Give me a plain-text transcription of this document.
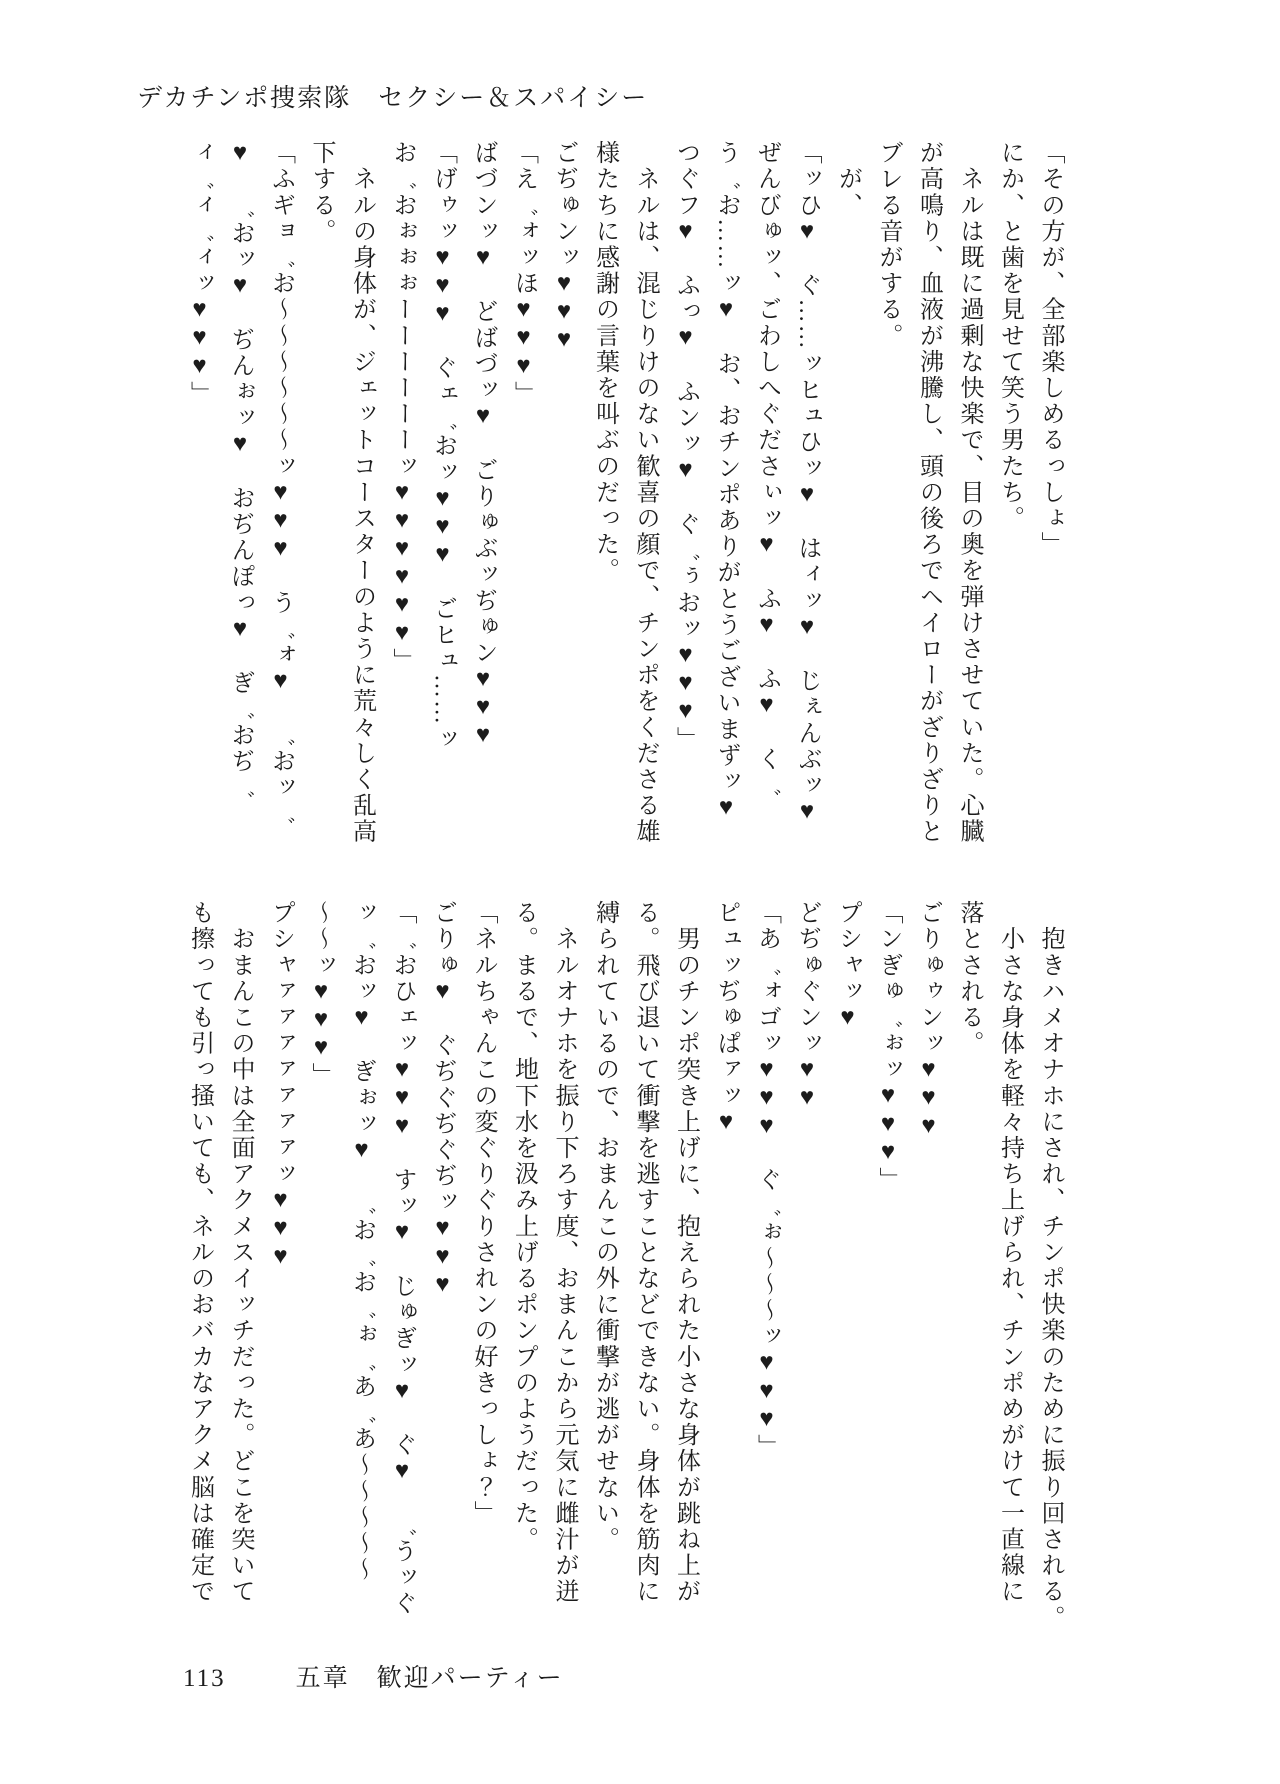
デカチンポ捜索隊　セクシー＆スパイシー

「その方が、全部楽しめるっしょ」

にか、と歯を見せて笑う男たち。

　ネルは既に過剰な快楽で、目の奥を弾けさせていた。心臓

が高鳴り、血液が沸騰し、頭の後ろでヘイローがざりざりと

ブレる音がする。

　が、

「ッひ♥　ぐ……ッヒュひッ♥　はィッ♥　じぇんぶッ♥

ぜんびゅッ、ごわしへぐださぃッ♥　ふ♥　ふ♥　く゛

う゛お……ッ♥　お、おチンポありがとうございまずッ♥

つぐフ♥　ふっ♥　ふンッ♥　ぐ゛ぅおッ♥♥♥」

　ネルは、混じりけのない歓喜の顔で、チンポをくださる雄

様たちに感謝の言葉を叫ぶのだった。

ごぢゅンッ♥♥♥

「え゛ォッほ♥♥♥」

ばづンッ♥　どばづッ♥　ごりゅぶッぢゅン♥♥♥

「げゥッ♥♥♥　ぐェ゛おッ♥♥♥　ごヒュ……ッ

お゛おぉぉぉーーーーーーッ♥♥♥♥♥♥」

　ネルの身体が、ジェットコースターのように荒々しく乱高

下する。

「ふギョ゛お～～～～～～ッ♥♥♥　う゛ォ♥　゛おッ゛

♥　゛おッ♥　ぢんぉッ♥　おぢんぽっ♥　ぎ゛おぢ゛

ィ゛ィ゛ィッ♥♥♥」

　抱きハメオナホにされ、チンポ快楽のために振り回される。

　小さな身体を軽々持ち上げられ、チンポめがけて一直線に

落とされる。

ごりゅゥンッ♥♥♥

「ンぎゅ゛ぉッ♥♥♥」

プシャッ♥

どぢゅぐンッ♥♥

「あ゛ォゴッ♥♥♥　ぐ゛ぉ～～～ッ♥♥♥」

ピュッぢゅぱァッ♥

　男のチンポ突き上げに、抱えられた小さな身体が跳ね上が

る。飛び退いて衝撃を逃すことなどできない。身体を筋肉に

縛られているので、おまんこの外に衝撃が逃がせない。

　ネルオナホを振り下ろす度、おまんこから元気に雌汁が迸

る。まるで、地下水を汲み上げるポンプのようだった。

「ネルちゃんこの変ぐりぐりされンの好きっしょ？」

ごりゅ♥　ぐぢぐぢぐぢッ♥♥♥

「゛おひェッ♥♥♥　すッ♥　じゅぎッ♥　ぐ♥　゛うッぐ

ッ゛おッ♥　ぎぉッ♥　゛お゛お゛ぉ゛あ゛あ～～～～～

～～ッ♥♥♥」

プシャァァァァァァァッ♥♥♥

　おまんこの中は全面アクメスイッチだった。どこを突いて

も擦っても引っ掻いても、ネルのおバカなアクメ脳は確定で

113	五章　歓迎パーティー
